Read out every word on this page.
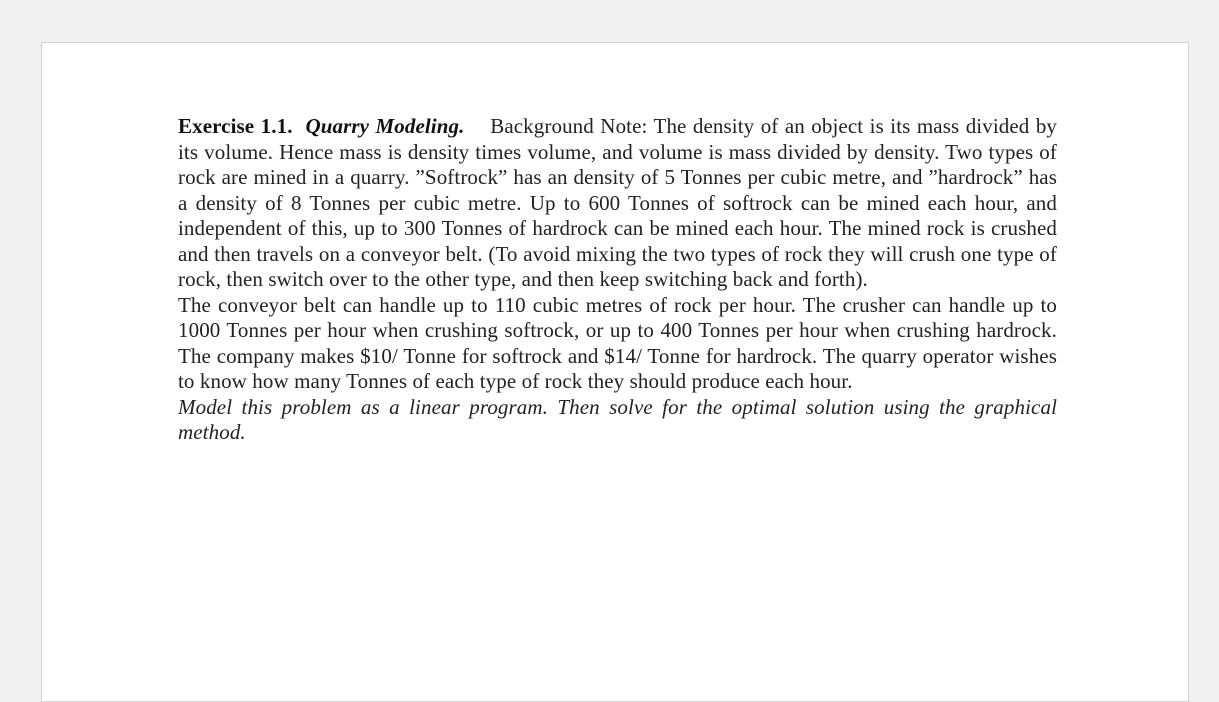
Exercise 1.1. Quarry Modeling. Background Note: The density of an object is its mass divided by its volume. Hence mass is density times volume, and volume is mass divided by density. Two types of rock are mined in a quarry. ”Softrock” has an density of 5 Tonnes per cubic metre, and ”hardrock” has a density of 8 Tonnes per cubic metre. Up to 600 Tonnes of softrock can be mined each hour, and independent of this, up to 300 Tonnes of hardrock can be mined each hour. The mined rock is crushed and then travels on a conveyor belt. (To avoid mixing the two types of rock they will crush one type of rock, then switch over to the other type, and then keep switching back and forth).

The conveyor belt can handle up to 110 cubic metres of rock per hour. The crusher can handle up to 1000 Tonnes per hour when crushing softrock, or up to 400 Tonnes per hour when crushing hardrock. The company makes $10/ Tonne for softrock and $14/ Tonne for hardrock. The quarry operator wishes to know how many Tonnes of each type of rock they should produce each hour.

Model this problem as a linear program. Then solve for the optimal solution using the graphical method.
